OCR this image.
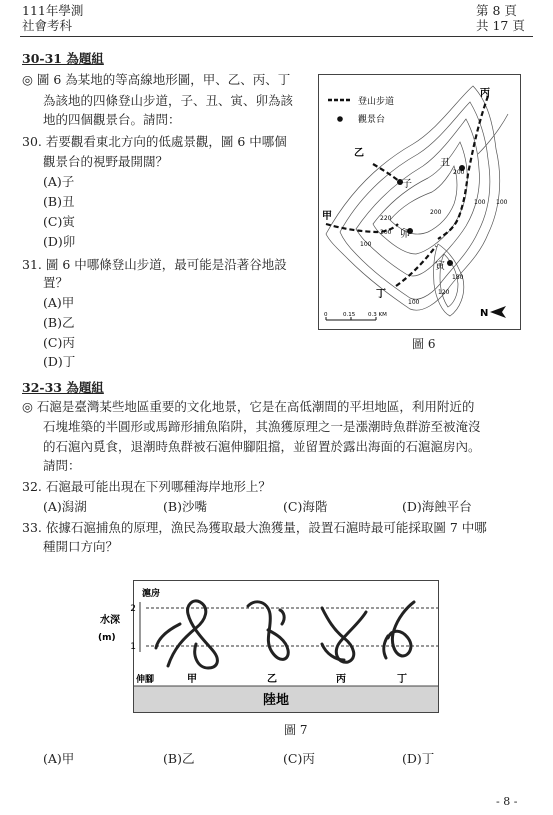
111年學測
社會考科
第 8 頁
共 17 頁
30-31 為題組
◎ 圖 6 為某地的等高線地形圖，甲、乙、丙、丁
為該地的四條登山步道，子、丑、寅、卯為該
地的四個觀景台。請問：
30. 若要觀看東北方向的低處景觀，圖 6 中哪個
觀景台的視野最開闊？
(A)子
(B)丑
(C)寅
(D)卯
31. 圖 6 中哪條登山步道，最可能是沿著谷地設
置？
(A)甲
(B)乙
(C)丙
(D)丁
登山步道
觀景台
丙
乙
甲
丁
子
丑
寅
卯
100
200
220
200
200
100
100
180
120
100
0	0.15 0.3 KM	N
圖 6
32-33 為題組
◎ 石滬是臺灣某些地區重要的文化地景，它是在高低潮間的平坦地區，利用附近的
石塊堆築的半圓形或馬蹄形捕魚陷阱，其漁獲原理之一是漲潮時魚群游至被淹沒
的石滬內覓食，退潮時魚群被石滬伸腳阻擋，並留置於露出海面的石滬滬房內。
請問：
32. 石滬最可能出現在下列哪種海岸地形上？
(A)潟湖	(B)沙嘴	(C)海階	(D)海蝕平台
33. 依據石滬捕魚的原理，漁民為獲取最大漁獲量，設置石滬時最可能採取圖 7 中哪
種開口方向？
陸地
2
1
水深
(m)
滬房
伸腳	甲	乙	丙	丁
圖 7
(A)甲	(B)乙	(C)丙	(D)丁
- 8 -
